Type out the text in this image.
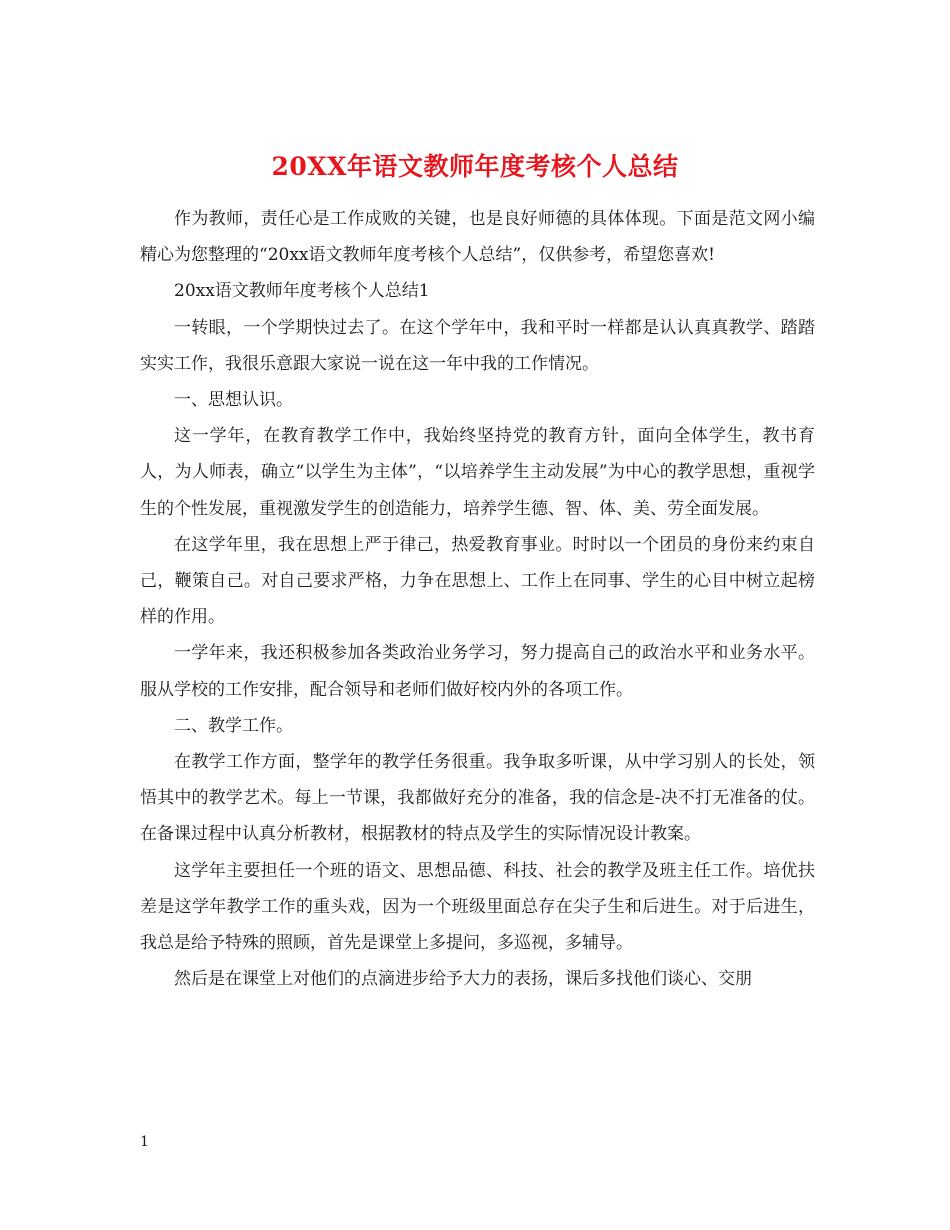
20XX年语文教师年度考核个人总结

作为教师，责任心是工作成败的关键，也是良好师德的具体体现。下面是范文网小编精心为您整理的“20xx语文教师年度考核个人总结”，仅供参考，希望您喜欢!

20xx语文教师年度考核个人总结1

一转眼，一个学期快过去了。在这个学年中，我和平时一样都是认认真真教学、踏踏实实工作，我很乐意跟大家说一说在这一年中我的工作情况。

一、思想认识。

这一学年，在教育教学工作中，我始终坚持党的教育方针，面向全体学生，教书育人，为人师表，确立“以学生为主体”，“以培养学生主动发展”为中心的教学思想，重视学生的个性发展，重视激发学生的创造能力，培养学生德、智、体、美、劳全面发展。

在这学年里，我在思想上严于律己，热爱教育事业。时时以一个团员的身份来约束自己，鞭策自己。对自己要求严格，力争在思想上、工作上在同事、学生的心目中树立起榜样的作用。

一学年来，我还积极参加各类政治业务学习，努力提高自己的政治水平和业务水平。服从学校的工作安排，配合领导和老师们做好校内外的各项工作。

二、教学工作。

在教学工作方面，整学年的教学任务很重。我争取多听课，从中学习别人的长处，领悟其中的教学艺术。每上一节课，我都做好充分的准备，我的信念是-决不打无准备的仗。在备课过程中认真分析教材，根据教材的特点及学生的实际情况设计教案。

这学年主要担任一个班的语文、思想品德、科技、社会的教学及班主任工作。培优扶差是这学年教学工作的重头戏，因为一个班级里面总存在尖子生和后进生。对于后进生，我总是给予特殊的照顾，首先是课堂上多提问，多巡视，多辅导。

然后是在课堂上对他们的点滴进步给予大力的表扬，课后多找他们谈心、交朋

1
